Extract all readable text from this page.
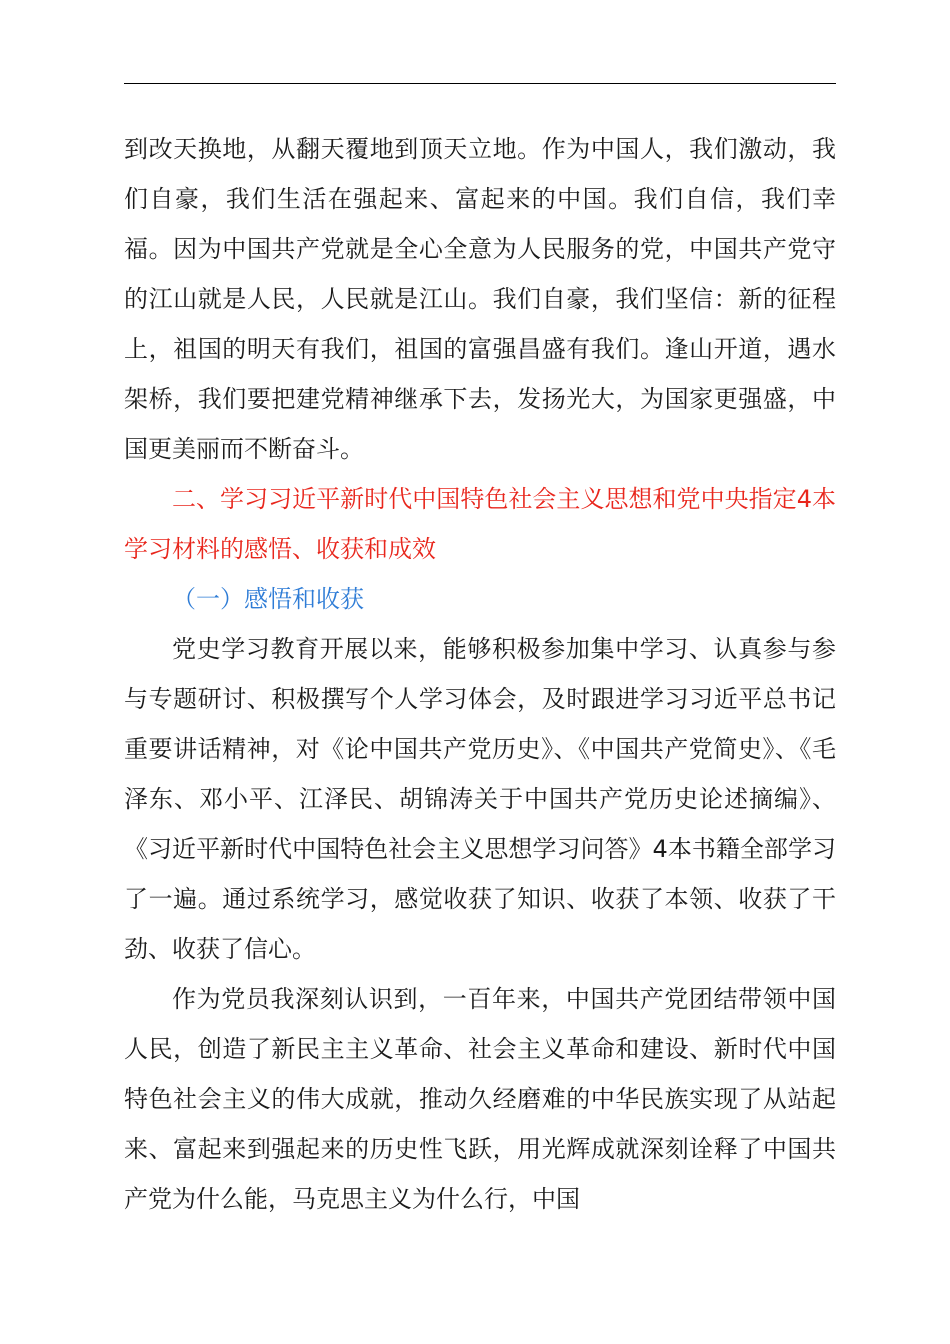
到改天换地，从翻天覆地到顶天立地。作为中国人，我们激动，我们自豪，我们生活在强起来、富起来的中国。我们自信，我们幸福。因为中国共产党就是全心全意为人民服务的党，中国共产党守的江山就是人民，人民就是江山。我们自豪，我们坚信：新的征程上，祖国的明天有我们，祖国的富强昌盛有我们。逢山开道，遇水架桥，我们要把建党精神继承下去，发扬光大，为国家更强盛，中国更美丽而不断奋斗。

二、学习习近平新时代中国特色社会主义思想和党中央指定4本学习材料的感悟、收获和成效

（一）感悟和收获

党史学习教育开展以来，能够积极参加集中学习、认真参与参与专题研讨、积极撰写个人学习体会，及时跟进学习习近平总书记重要讲话精神，对《论中国共产党历史》、《中国共产党简史》、《毛泽东、邓小平、江泽民、胡锦涛关于中国共产党历史论述摘编》、《习近平新时代中国特色社会主义思想学习问答》4本书籍全部学习了一遍。通过系统学习，感觉收获了知识、收获了本领、收获了干劲、收获了信心。

作为党员我深刻认识到，一百年来，中国共产党团结带领中国人民，创造了新民主主义革命、社会主义革命和建设、新时代中国特色社会主义的伟大成就，推动久经磨难的中华民族实现了从站起来、富起来到强起来的历史性飞跃，用光辉成就深刻诠释了中国共产党为什么能，马克思主义为什么行，中国
